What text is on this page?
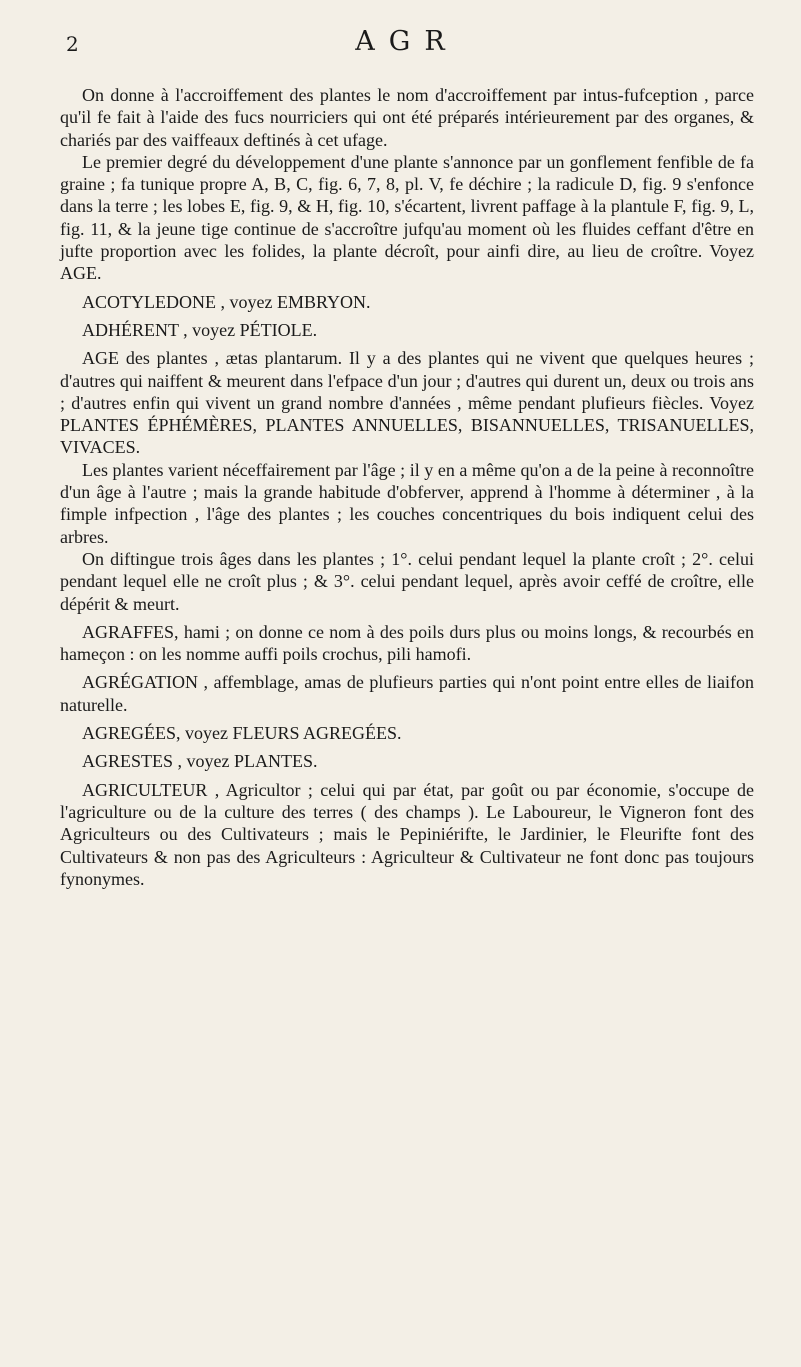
2	AGR

On donne à l'accroiffement des plantes le nom d'accroiffement par intus-fufception , parce qu'il fe fait à l'aide des fucs nourriciers qui ont été préparés intérieurement par des organes, & chariés par des vaiffeaux deftinés à cet ufage.

Le premier degré du développement d'une plante s'annonce par un gonflement fenfible de fa graine ; fa tunique propre A, B, C, fig. 6, 7, 8, pl. V, fe déchire ; la radicule D, fig. 9 s'enfonce dans la terre ; les lobes E, fig. 9, & H, fig. 10, s'écartent, livrent paffage à la plantule F, fig. 9, L, fig. 11, & la jeune tige continue de s'accroître jufqu'au moment où les fluides ceffant d'être en jufte proportion avec les folides, la plante décroît, pour ainfi dire, au lieu de croître. Voyez AGE.

ACOTYLEDONE , voyez EMBRYON.

ADHÉRENT , voyez PÉTIOLE.

AGE des plantes , ætas plantarum. Il y a des plantes qui ne vivent que quelques heures ; d'autres qui naiffent & meurent dans l'efpace d'un jour ; d'autres qui durent un, deux ou trois ans ; d'autres enfin qui vivent un grand nombre d'années , même pendant plufieurs fiècles. Voyez PLANTES ÉPHÉMÈRES, PLANTES ANNUELLES, BISANNUELLES, TRISANUELLES, VIVACES.

Les plantes varient néceffairement par l'âge ; il y en a même qu'on a de la peine à reconnoître d'un âge à l'autre ; mais la grande habitude d'obferver, apprend à l'homme à déterminer , à la fimple infpection , l'âge des plantes ; les couches concentriques du bois indiquent celui des arbres.

On diftingue trois âges dans les plantes ; 1°. celui pendant lequel la plante croît ; 2°. celui pendant lequel elle ne croît plus ; & 3°. celui pendant lequel, après avoir ceffé de croître, elle dépérit & meurt.

AGRAFFES, hami ; on donne ce nom à des poils durs plus ou moins longs, & recourbés en hameçon : on les nomme auffi poils crochus, pili hamofi.

AGRÉGATION , affemblage, amas de plufieurs parties qui n'ont point entre elles de liaifon naturelle.

AGREGÉES, voyez FLEURS AGREGÉES.

AGRESTES , voyez PLANTES.

AGRICULTEUR , Agricultor ; celui qui par état, par goût ou par économie, s'occupe de l'agriculture ou de la culture des terres ( des champs ). Le Laboureur, le Vigneron font des Agriculteurs ou des Cultivateurs ; mais le Pepiniérifte, le Jardinier, le Fleurifte font des Cultivateurs & non pas des Agriculteurs : Agriculteur & Cultivateur ne font donc pas toujours fynonymes.
